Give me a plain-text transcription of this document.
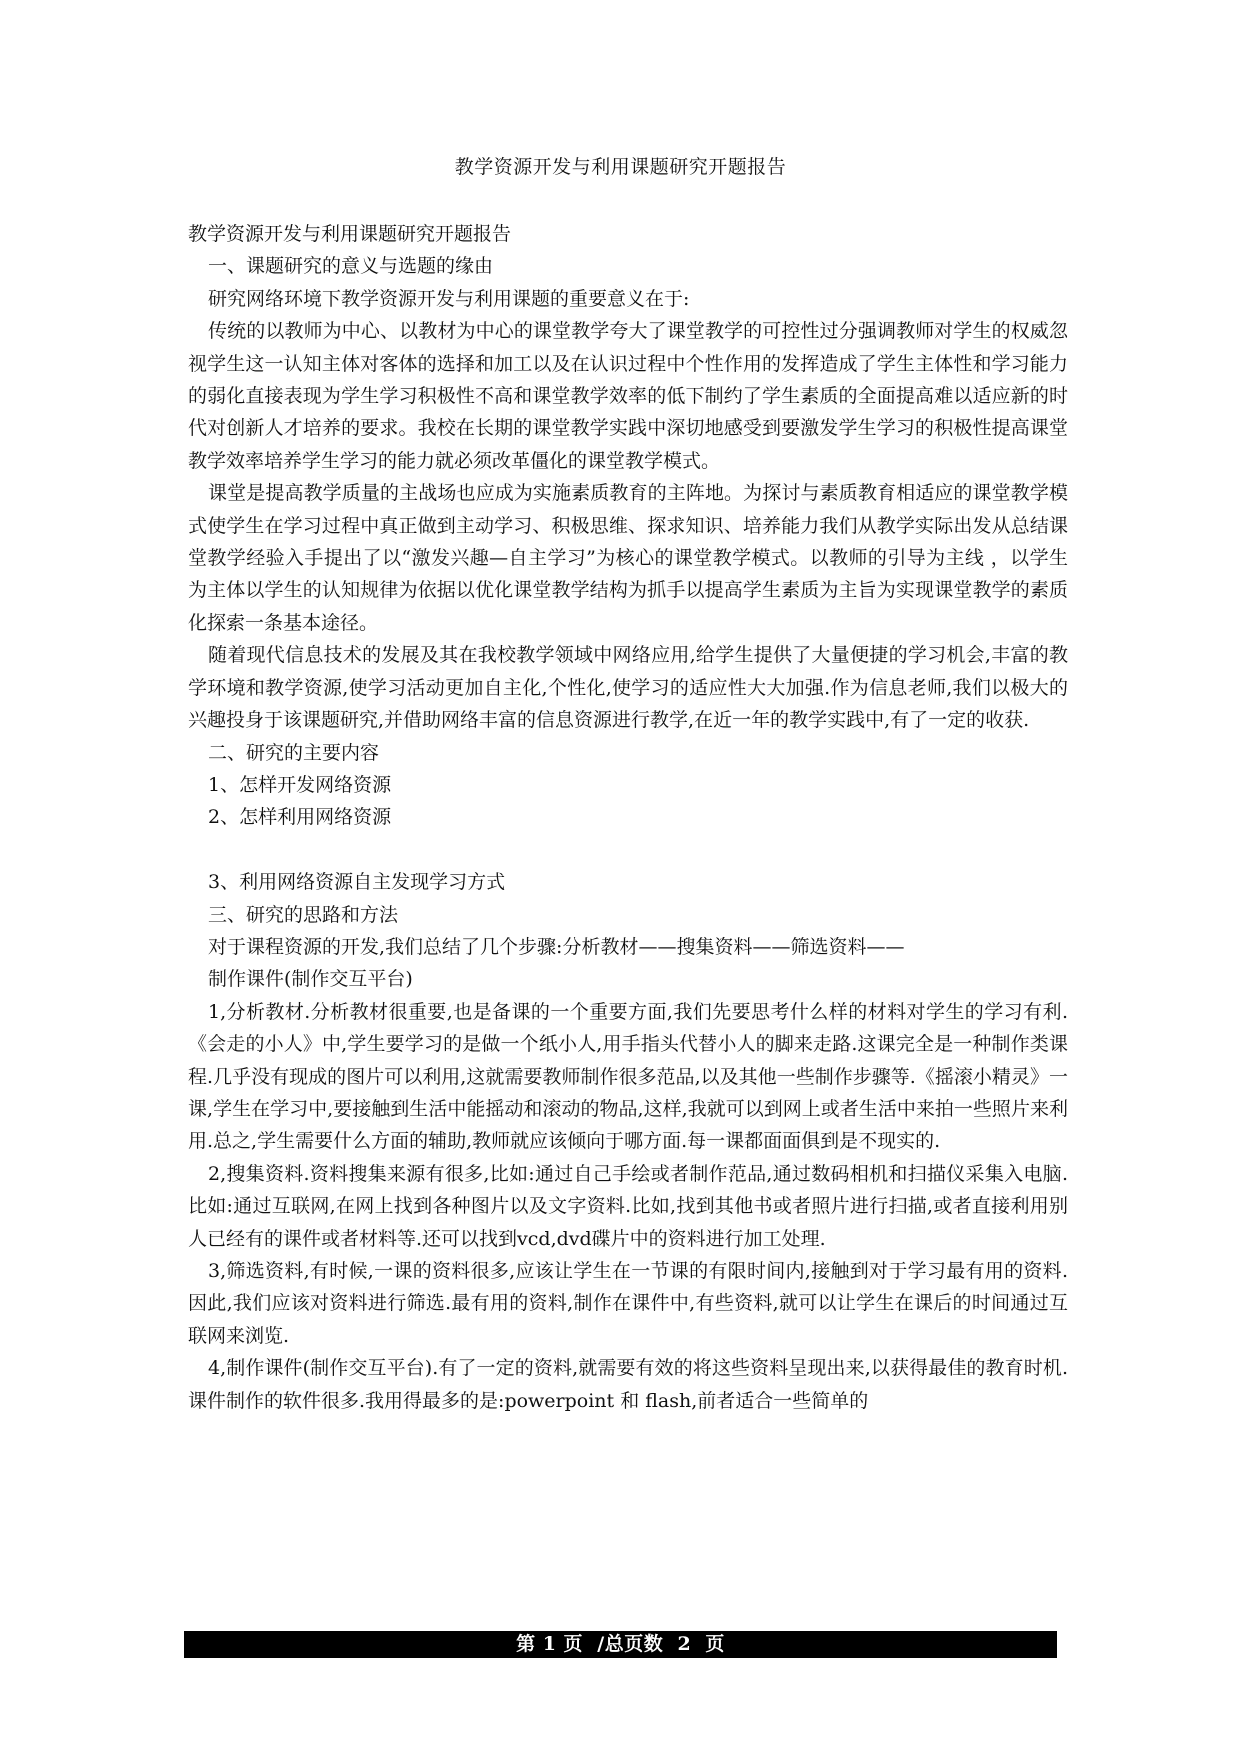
教学资源开发与利用课题研究开题报告

教学资源开发与利用课题研究开题报告

一、课题研究的意义与选题的缘由

研究网络环境下教学资源开发与利用课题的重要意义在于:

传统的以教师为中心、以教材为中心的课堂教学夸大了课堂教学的可控性过分强调教师对学生的权威忽视学生这一认知主体对客体的选择和加工以及在认识过程中个性作用的发挥造成了学生主体性和学习能力的弱化直接表现为学生学习积极性不高和课堂教学效率的低下制约了学生素质的全面提高难以适应新的时代对创新人才培养的要求。我校在长期的课堂教学实践中深切地感受到要激发学生学习的积极性提高课堂教学效率培养学生学习的能力就必须改革僵化的课堂教学模式。

课堂是提高教学质量的主战场也应成为实施素质教育的主阵地。为探讨与素质教育相适应的课堂教学模式使学生在学习过程中真正做到主动学习、积极思维、探求知识、培养能力我们从教学实际出发从总结课堂教学经验入手提出了以“激发兴趣—自主学习”为核心的课堂教学模式。以教师的引导为主线 ，以学生为主体以学生的认知规律为依据以优化课堂教学结构为抓手以提高学生素质为主旨为实现课堂教学的素质化探索一条基本途径。

随着现代信息技术的发展及其在我校教学领域中网络应用,给学生提供了大量便捷的学习机会,丰富的教学环境和教学资源,使学习活动更加自主化,个性化,使学习的适应性大大加强.作为信息老师,我们以极大的兴趣投身于该课题研究,并借助网络丰富的信息资源进行教学,在近一年的教学实践中,有了一定的收获.

二、研究的主要内容

1、怎样开发网络资源

2、怎样利用网络资源

3、利用网络资源自主发现学习方式

三、研究的思路和方法

对于课程资源的开发,我们总结了几个步骤:分析教材——搜集资料——筛选资料——

制作课件(制作交互平台)

1,分析教材.分析教材很重要,也是备课的一个重要方面,我们先要思考什么样的材料对学生的学习有利.《会走的小人》中,学生要学习的是做一个纸小人,用手指头代替小人的脚来走路.这课完全是一种制作类课程.几乎没有现成的图片可以利用,这就需要教师制作很多范品,以及其他一些制作步骤等.《摇滚小精灵》一课,学生在学习中,要接触到生活中能摇动和滚动的物品,这样,我就可以到网上或者生活中来拍一些照片来利用.总之,学生需要什么方面的辅助,教师就应该倾向于哪方面.每一课都面面俱到是不现实的.

2,搜集资料.资料搜集来源有很多,比如:通过自己手绘或者制作范品,通过数码相机和扫描仪采集入电脑.比如:通过互联网,在网上找到各种图片以及文字资料.比如,找到其他书或者照片进行扫描,或者直接利用别人已经有的课件或者材料等.还可以找到vcd,dvd碟片中的资料进行加工处理.

3,筛选资料,有时候,一课的资料很多,应该让学生在一节课的有限时间内,接触到对于学习最有用的资料.因此,我们应该对资料进行筛选.最有用的资料,制作在课件中,有些资料,就可以让学生在课后的时间通过互联网来浏览.

4,制作课件(制作交互平台).有了一定的资料,就需要有效的将这些资料呈现出来,以获得最佳的教育时机.课件制作的软件很多.我用得最多的是:powerpoint 和 flash,前者适合一些简单的

第 1 页  /总页数  2  页
